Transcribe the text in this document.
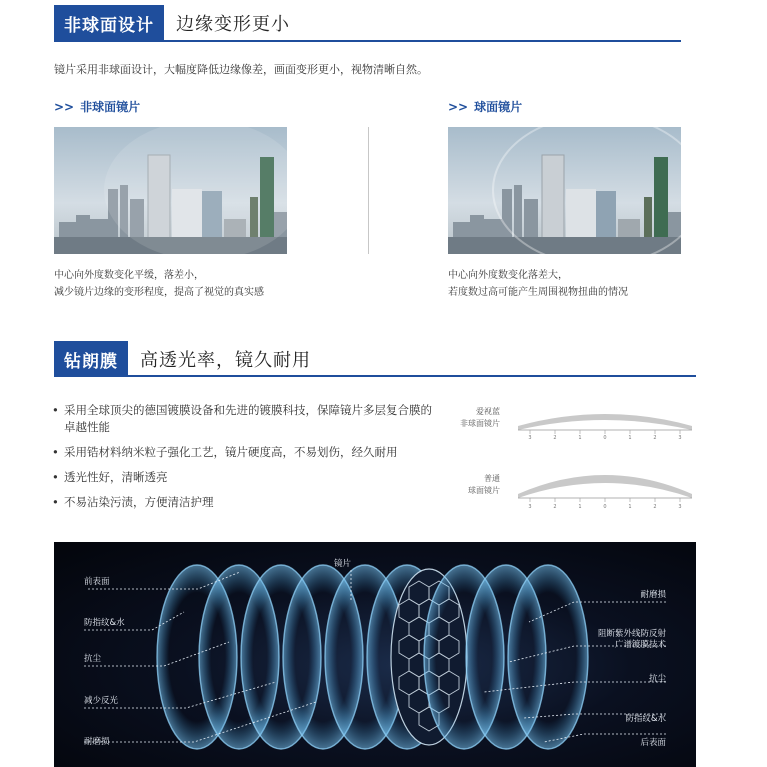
非球面设计	边缘变形更小
镜片采用非球面设计，大幅度降低边缘像差，画面变形更小，视物清晰自然。
>> 非球面镜片
中心向外度数变化平缓，落差小，
减少镜片边缘的变形程度，提高了视觉的真实感
>> 球面镜片
中心向外度数变化落差大，
若度数过高可能产生周围视物扭曲的情况
钻朗膜	高透光率，镜久耐用
• 采用全球顶尖的德国镀膜设备和先进的镀膜科技，保障镜片多层复合膜的卓越性能
• 采用锆材料纳米粒子强化工艺，镜片硬度高，不易划伤，经久耐用
• 透光性好，清晰透亮
• 不易沾染污渍，方便清洁护理
爱视蓝
非球面镜片
3	2	1	0	1	2	3
普通
球面镜片
3	2	1	0	1	2	3
镜片
前表面
防指纹&水
抗尘
减少反光
耐磨损
耐磨损
阻断紫外线防反射
广谱镀膜技术
抗尘
防指纹&水
后表面
